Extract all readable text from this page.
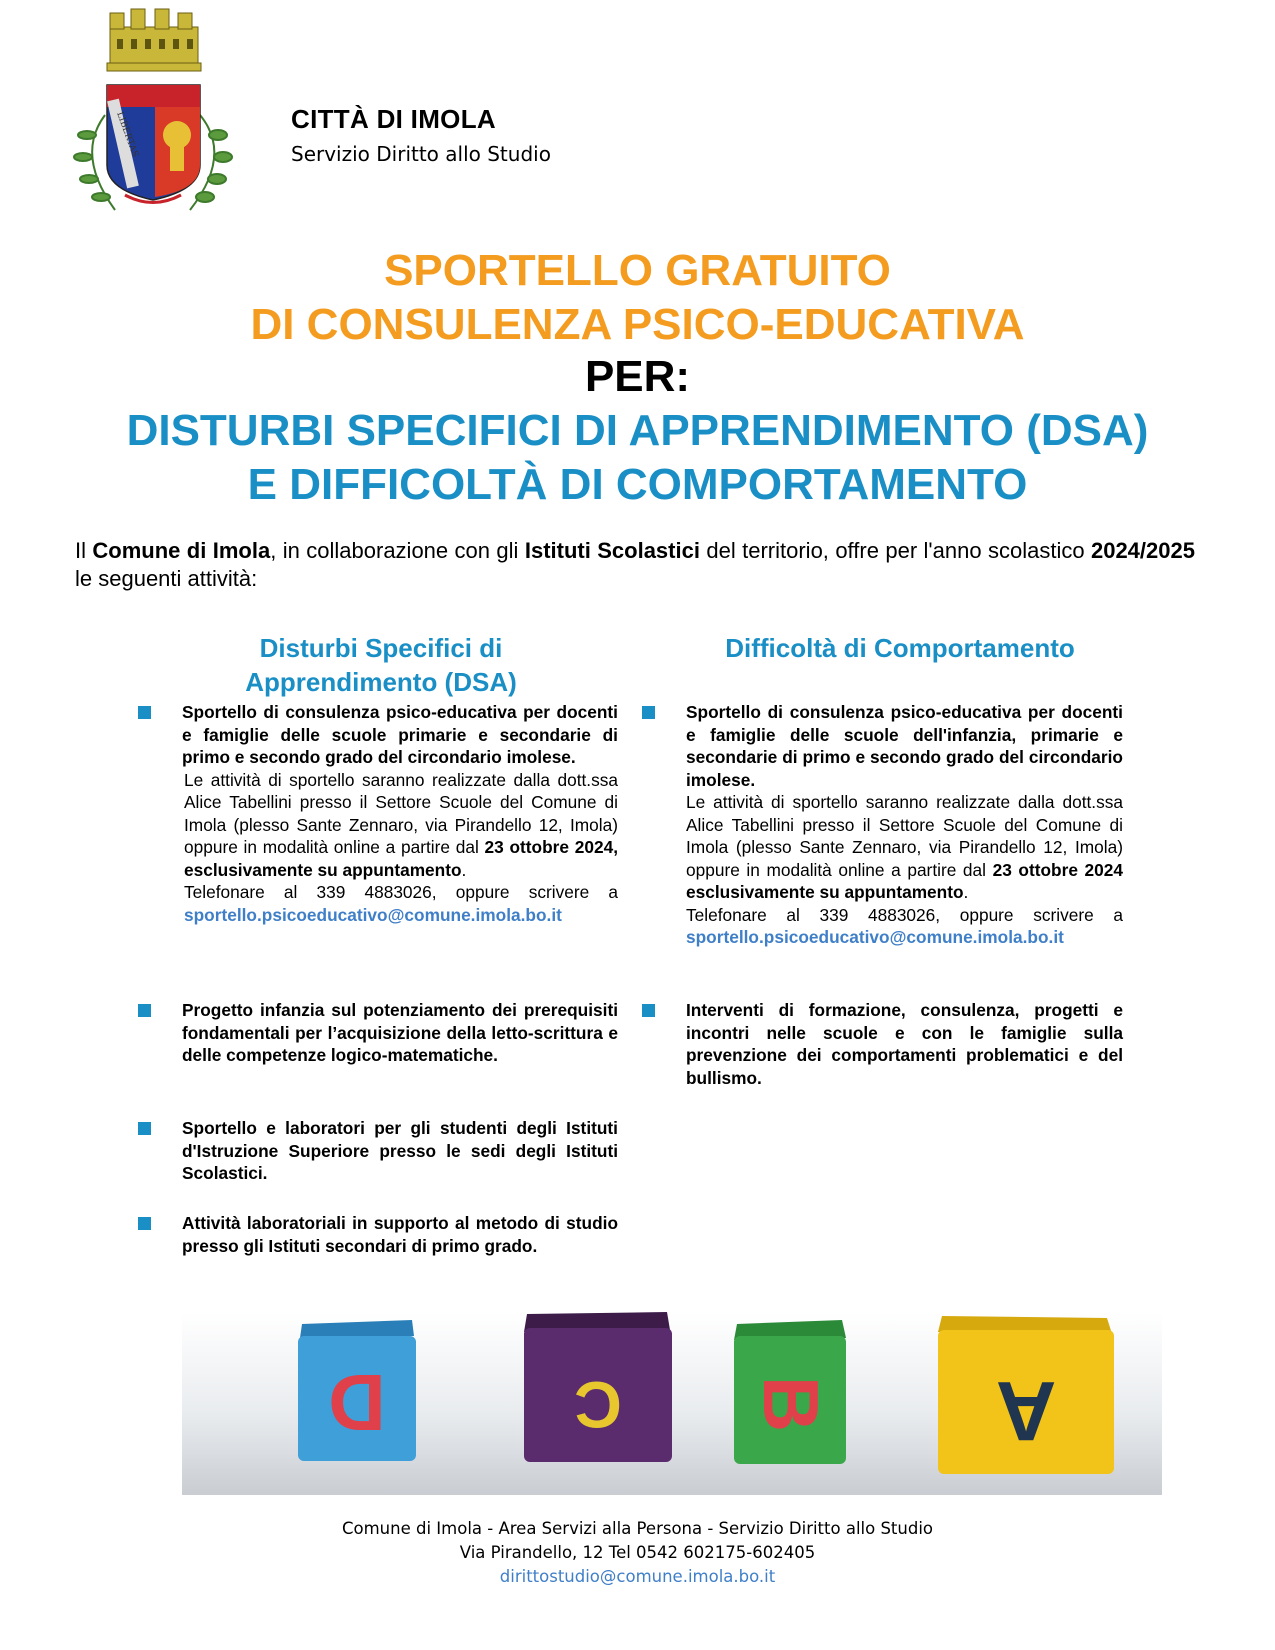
LIBERTAS	CITTÀ DI IMOLA
Servizio Diritto allo Studio
SPORTELLO GRATUITO
DI CONSULENZA PSICO-EDUCATIVA
PER:
DISTURBI SPECIFICI DI APPRENDIMENTO (DSA)
E DIFFICOLTÀ DI COMPORTAMENTO
Il Comune di Imola, in collaborazione con gli Istituti Scolastici del territorio, offre per l'anno scolastico 2024/2025 le seguenti attività:
Disturbi Specifici di
Apprendimento (DSA)
Sportello di consulenza psico-educativa per docenti e famiglie delle scuole primarie e secondarie di primo e secondo grado del circondario imolese.
Le attività di sportello saranno realizzate dalla dott.ssa Alice Tabellini presso il Settore Scuole del Comune di Imola (plesso Sante Zennaro, via Pirandello 12, Imola) oppure in modalità online a partire dal 23 ottobre 2024, esclusivamente su appuntamento.
Telefonare al 339 4883026, oppure scrivere a
sportello.psicoeducativo@comune.imola.bo.it
Progetto infanzia sul potenziamento dei prerequisiti fondamentali per l’acquisizione della letto-scrittura e delle competenze logico-matematiche.
Sportello e laboratori per gli studenti degli Istituti d'Istruzione Superiore presso le sedi degli Istituti Scolastici.
Attività laboratoriali in supporto al metodo di studio presso gli Istituti secondari di primo grado.
Difficoltà di Comportamento
Sportello di consulenza psico-educativa per docenti e famiglie delle scuole dell'infanzia, primarie e secondarie di primo e secondo grado del circondario imolese.
Le attività di sportello saranno realizzate dalla dott.ssa Alice Tabellini presso il Settore Scuole del Comune di Imola (plesso Sante Zennaro, via Pirandello 12, Imola) oppure in modalità online a partire dal 23 ottobre 2024 esclusivamente su appuntamento.
Telefonare al 339 4883026, oppure scrivere a
sportello.psicoeducativo@comune.imola.bo.it
Interventi di formazione, consulenza, progetti e incontri nelle scuole e con le famiglie sulla prevenzione dei comportamenti problematici e del bullismo.
D	C B A
Comune di Imola - Area Servizi alla Persona - Servizio Diritto allo Studio
Via Pirandello, 12 Tel 0542 602175-602405
dirittostudio@comune.imola.bo.it
